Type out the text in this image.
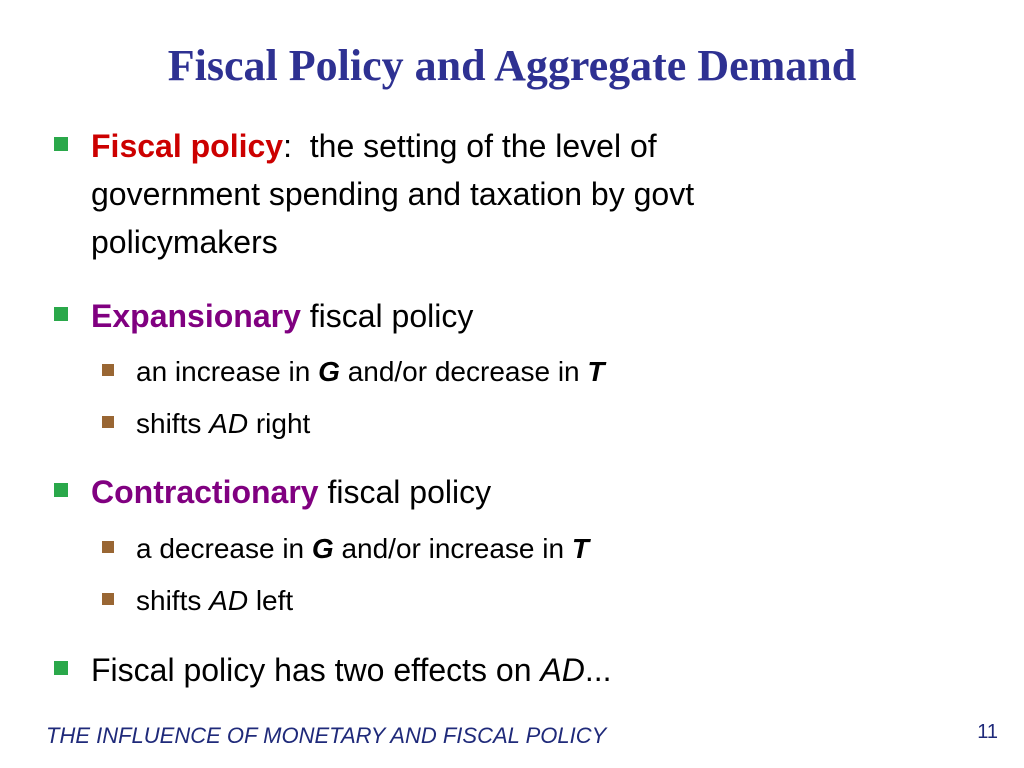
Fiscal Policy and Aggregate Demand
Fiscal policy: the setting of the level of
government spending and taxation by govt
policymakers
Expansionary fiscal policy
an increase in G and/or decrease in T
shifts AD right
Contractionary fiscal policy
a decrease in G and/or increase in T
shifts AD left
Fiscal policy has two effects on AD...
THE INFLUENCE OF MONETARY AND FISCAL POLICY	11
